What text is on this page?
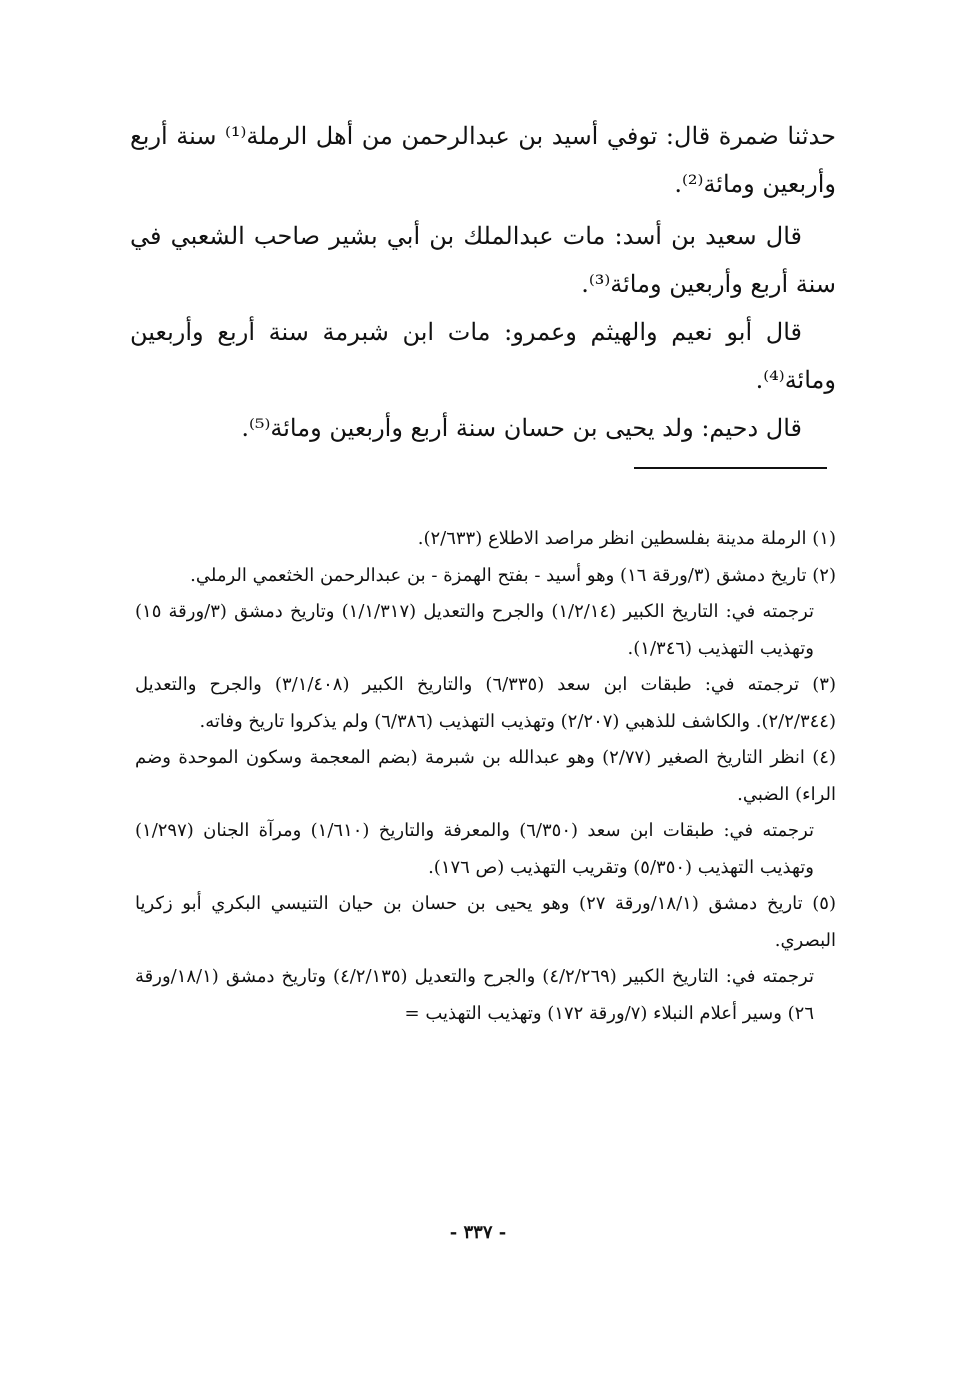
حدثنا ضمرة قال: توفي أسيد بن عبدالرحمن من أهل الرملة⁽¹⁾ سنة أربع وأربعين ومائة⁽²⁾.

قال سعيد بن أسد: مات عبدالملك بن أبي بشير صاحب الشعبي في سنة أربع وأربعين ومائة⁽³⁾.

قال أبو نعيم والهيثم وعمرو: مات ابن شبرمة سنة أربع وأربعين ومائة⁽⁴⁾.

قال دحيم: ولد يحيى بن حسان سنة أربع وأربعين ومائة⁽⁵⁾.

(١) الرملة مدينة بفلسطين انظر مراصد الاطلاع (٢/٦٣٣).

(٢) تاريخ دمشق (٣/ورقة ١٦) وهو أسيد - بفتح الهمزة - بن عبدالرحمن الخثعمي الرملي.

ترجمته في: التاريخ الكبير (١/٢/١٤) والجرح والتعديل (١/١/٣١٧) وتاريخ دمشق (٣/ورقة ١٥) وتهذيب التهذيب (١/٣٤٦).

(٣) ترجمته في: طبقات ابن سعد (٦/٣٣٥) والتاريخ الكبير (٣/١/٤٠٨) والجرح والتعديل (٢/٢/٣٤٤). والكاشف للذهبي (٢/٢٠٧) وتهذيب التهذيب (٦/٣٨٦) ولم يذكروا تاريخ وفاته.

(٤) انظر التاريخ الصغير (٢/٧٧) وهو عبدالله بن شبرمة (بضم المعجمة وسكون الموحدة وضم الراء) الضبي.

ترجمته في: طبقات ابن سعد (٦/٣٥٠) والمعرفة والتاريخ (١/٦١٠) ومرآة الجنان (١/٢٩٧) وتهذيب التهذيب (٥/٣٥٠) وتقريب التهذيب (ص ١٧٦).

(٥) تاريخ دمشق (١٨/١/ورقة ٢٧) وهو يحيى بن حسان بن حيان التنيسي البكري أبو زكريا البصري.

ترجمته في: التاريخ الكبير (٤/٢/٢٦٩) والجرح والتعديل (٤/٢/١٣٥) وتاريخ دمشق (١٨/١/ورقة ٢٦) وسير أعلام النبلاء (٧/ورقة ١٧٢) وتهذيب التهذيب =

- ٣٣٧ -
